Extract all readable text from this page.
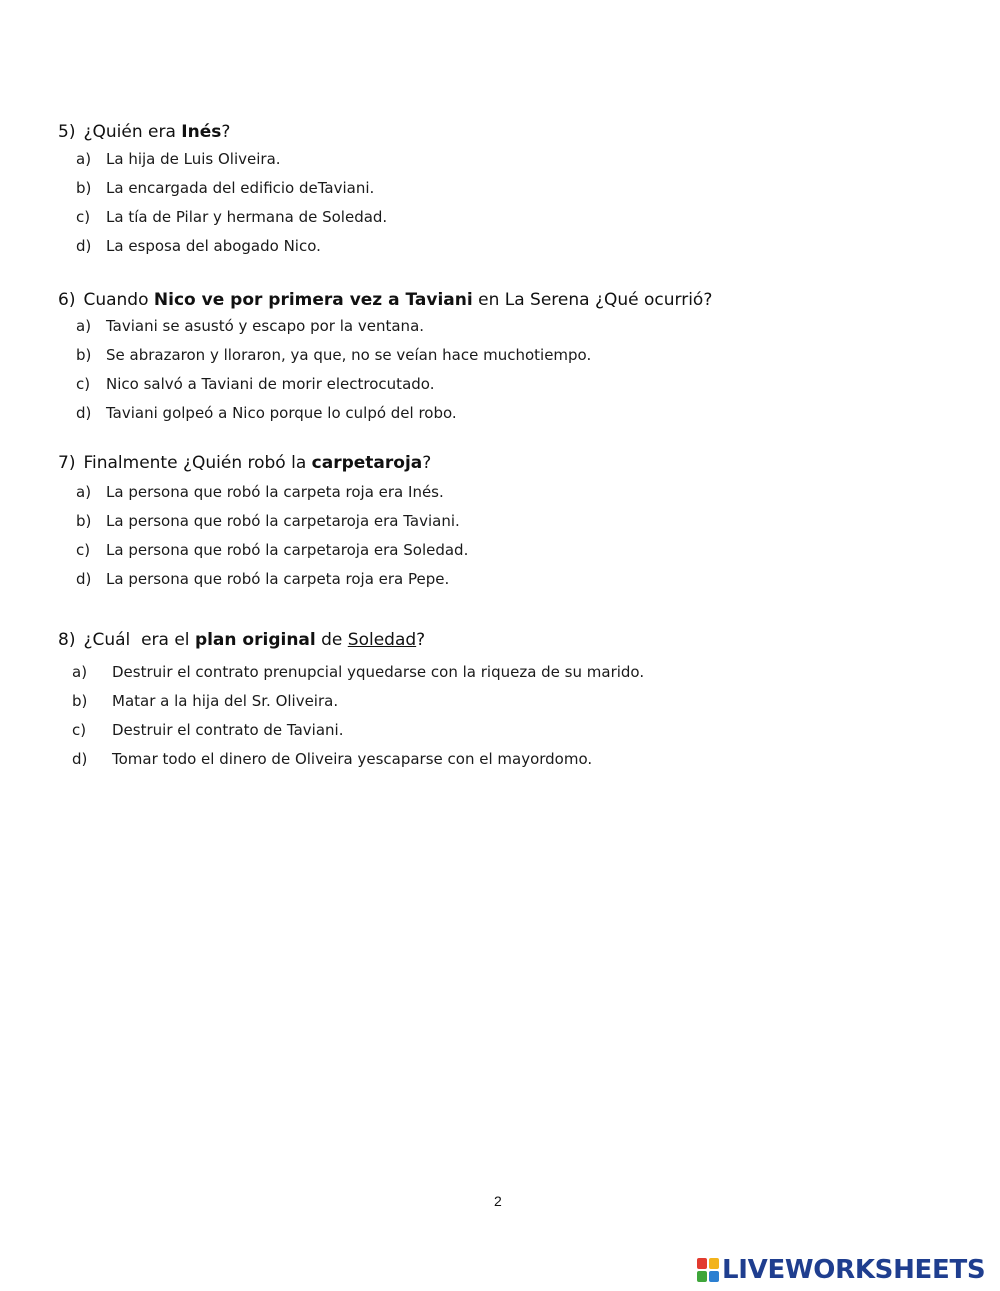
5) ¿Quién era Inés?
a) La hija de Luis Oliveira.
b) La encargada del edificio deTaviani.
c) La tía de Pilar y hermana de Soledad.
d) La esposa del abogado Nico.
6) Cuando Nico ve por primera vez a Taviani en La Serena ¿Qué ocurrió?
a) Taviani se asustó y escapo por la ventana.
b) Se abrazaron y lloraron, ya que, no se veían hace muchotiempo.
c) Nico salvó a Taviani de morir electrocutado.
d) Taviani golpeó a Nico porque lo culpó del robo.
7) Finalmente ¿Quién robó la carpetaroja?
a) La persona que robó la carpeta roja era Inés.
b) La persona que robó la carpetaroja era Taviani.
c) La persona que robó la carpetaroja era Soledad.
d) La persona que robó la carpeta roja era Pepe.
8) ¿Cuál  era el plan original de Soledad?
a) Destruir el contrato prenupcial yquedarse con la riqueza de su marido.
b) Matar a la hija del Sr. Oliveira.
c) Destruir el contrato de Taviani.
d) Tomar todo el dinero de Oliveira yescaparse con el mayordomo.
2
LIVEWORKSHEETS
